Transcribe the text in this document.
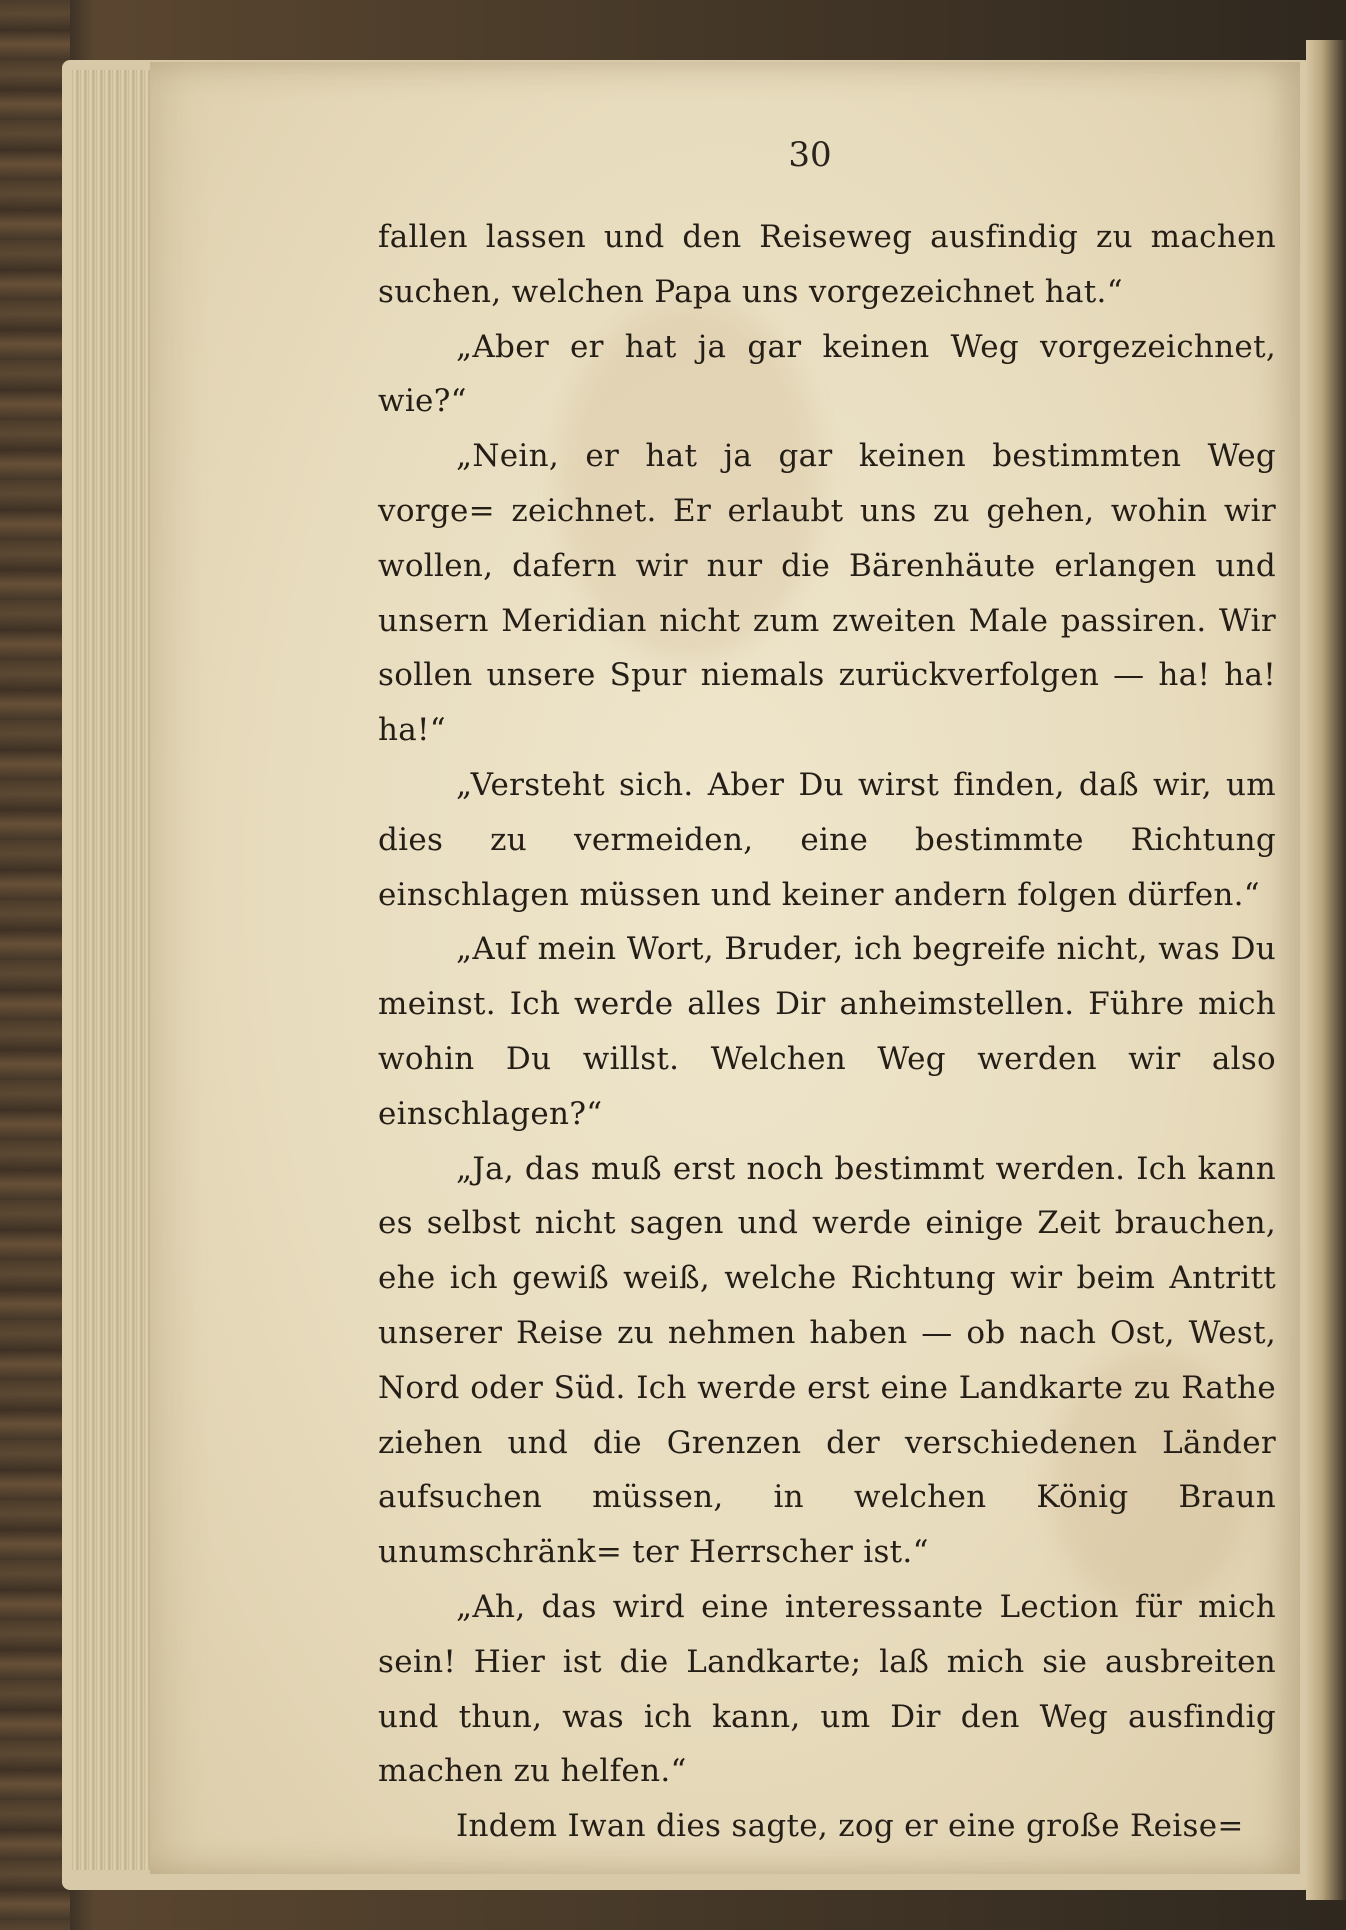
30

fallen lassen und den Reiseweg ausfindig zu machen suchen, welchen Papa uns vorgezeichnet hat.“

„Aber er hat ja gar keinen Weg vorgezeichnet, wie?“

„Nein, er hat ja gar keinen bestimmten Weg vorge= zeichnet. Er erlaubt uns zu gehen, wohin wir wollen, dafern wir nur die Bärenhäute erlangen und unsern Meridian nicht zum zweiten Male passiren. Wir sollen unsere Spur niemals zurückverfolgen — ha! ha! ha!“

„Versteht sich. Aber Du wirst finden, daß wir, um dies zu vermeiden, eine bestimmte Richtung einschlagen müssen und keiner andern folgen dürfen.“

„Auf mein Wort, Bruder, ich begreife nicht, was Du meinst. Ich werde alles Dir anheimstellen. Führe mich wohin Du willst. Welchen Weg werden wir also einschlagen?“

„Ja, das muß erst noch bestimmt werden. Ich kann es selbst nicht sagen und werde einige Zeit brauchen, ehe ich gewiß weiß, welche Richtung wir beim Antritt unserer Reise zu nehmen haben — ob nach Ost, West, Nord oder Süd. Ich werde erst eine Landkarte zu Rathe ziehen und die Grenzen der verschiedenen Länder aufsuchen müssen, in welchen König Braun unumschränk= ter Herrscher ist.“

„Ah, das wird eine interessante Lection für mich sein! Hier ist die Landkarte; laß mich sie ausbreiten und thun, was ich kann, um Dir den Weg ausfindig machen zu helfen.“

Indem Iwan dies sagte, zog er eine große Reise=
